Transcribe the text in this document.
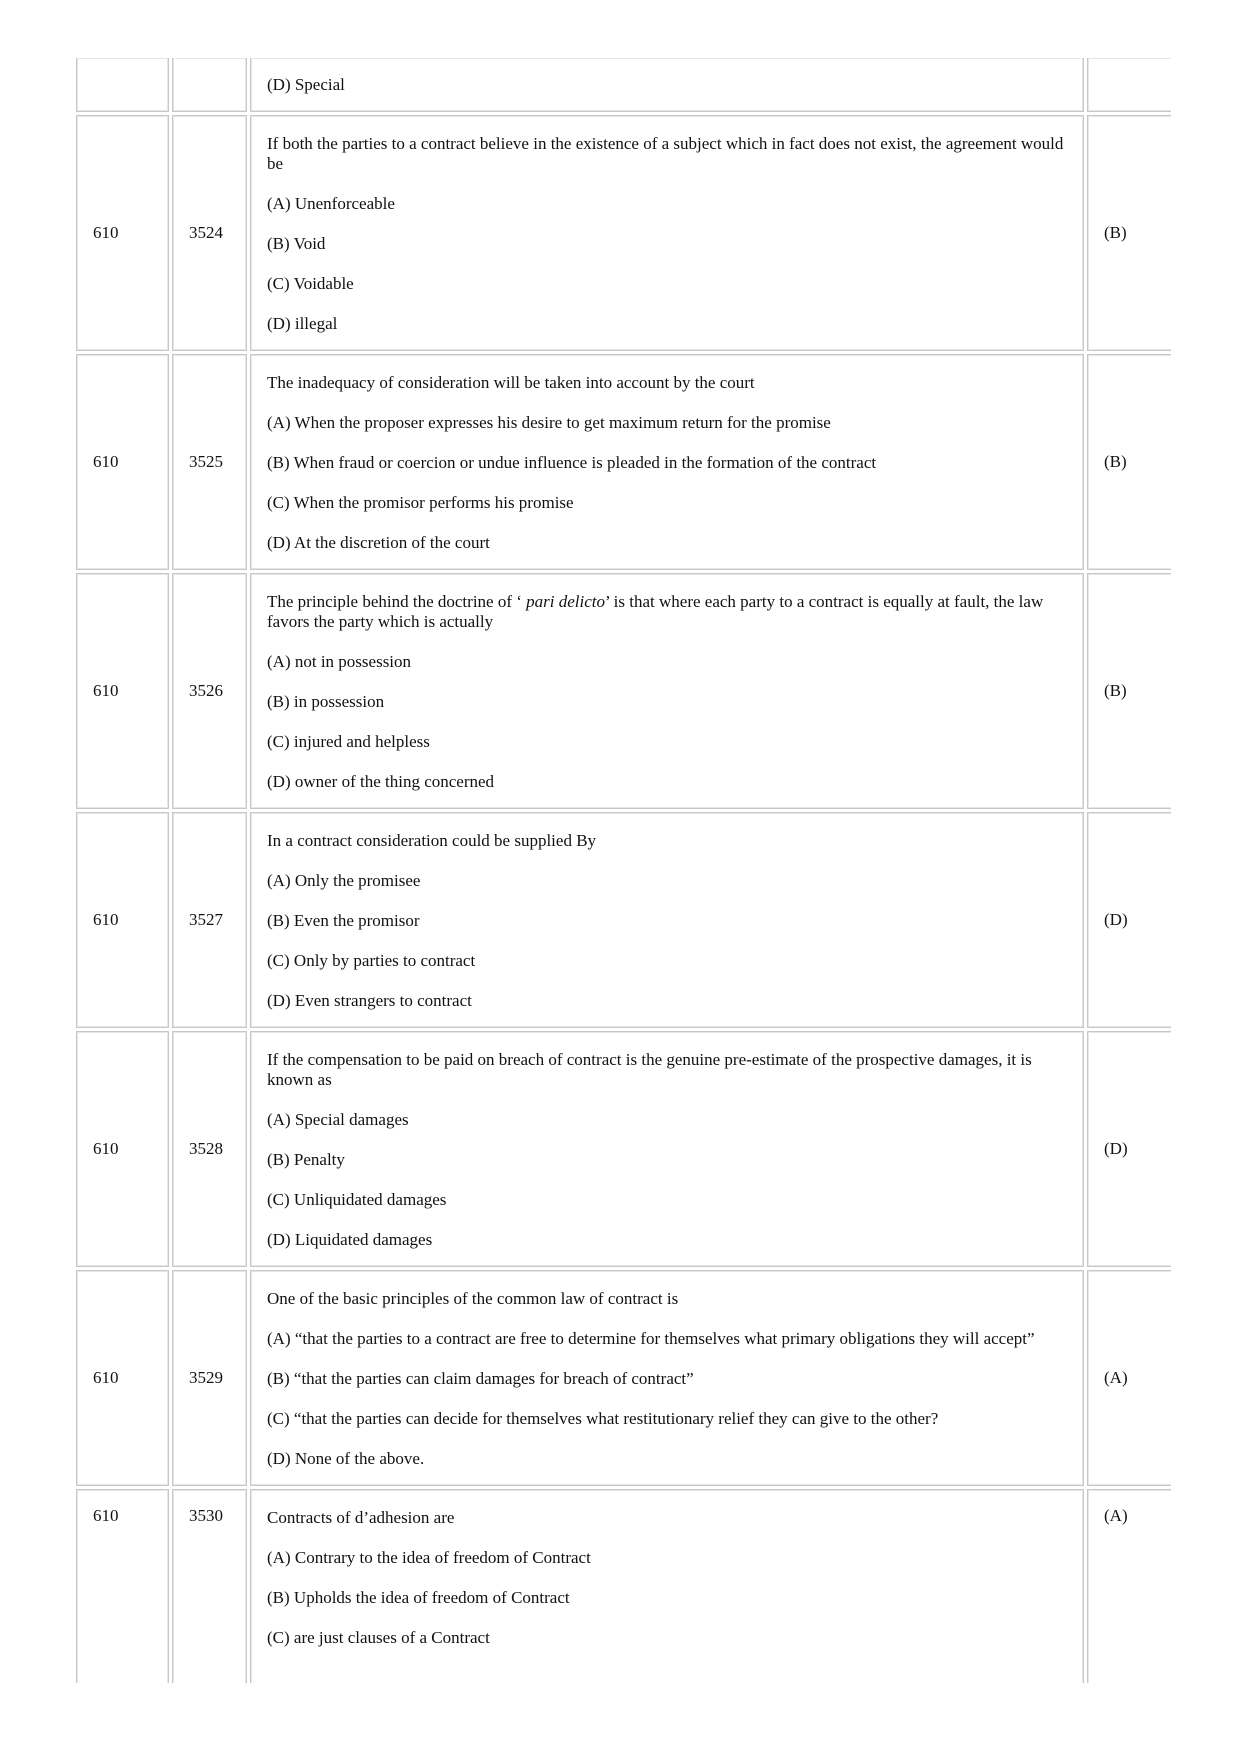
		(D) Special	

610	3524	If both the parties to a contract believe in the existence of a subject which in fact does not exist, the agreement would be

(A) Unenforceable

(B) Void

(C) Voidable

(D) illegal	(B)
610	3525	The inadequacy of consideration will be taken into account by the court

(A) When the proposer expresses his desire to get maximum return for the promise

(B) When fraud or coercion or undue influence is pleaded in the formation of the contract

(C) When the promisor performs his promise

(D) At the discretion of the court	(B)
610	3526	The principle behind the doctrine of ‘ pari delicto’ is that where each party to a contract is equally at fault, the law favors the party which is actually

(A) not in possession

(B) in possession

(C) injured and helpless

(D) owner of the thing concerned	(B)
610	3527	In a contract consideration could be supplied By

(A) Only the promisee

(B) Even the promisor

(C) Only by parties to contract

(D) Even strangers to contract	(D)
610	3528	If the compensation to be paid on breach of contract is the genuine pre-estimate of the prospective damages, it is known as

(A) Special damages

(B) Penalty

(C) Unliquidated damages

(D) Liquidated damages	(D)
610	3529	One of the basic principles of the common law of contract is

(A) “that the parties to a contract are free to determine for themselves what primary obligations they will accept”

(B) “that the parties can claim damages for breach of contract”

(C) “that the parties can decide for themselves what restitutionary relief they can give to the other?

(D) None of the above.	(A)
610	3530	Contracts of d’adhesion are

(A) Contrary to the idea of freedom of Contract

(B) Upholds the idea of freedom of Contract

(C) are just clauses of a Contract	(A)
